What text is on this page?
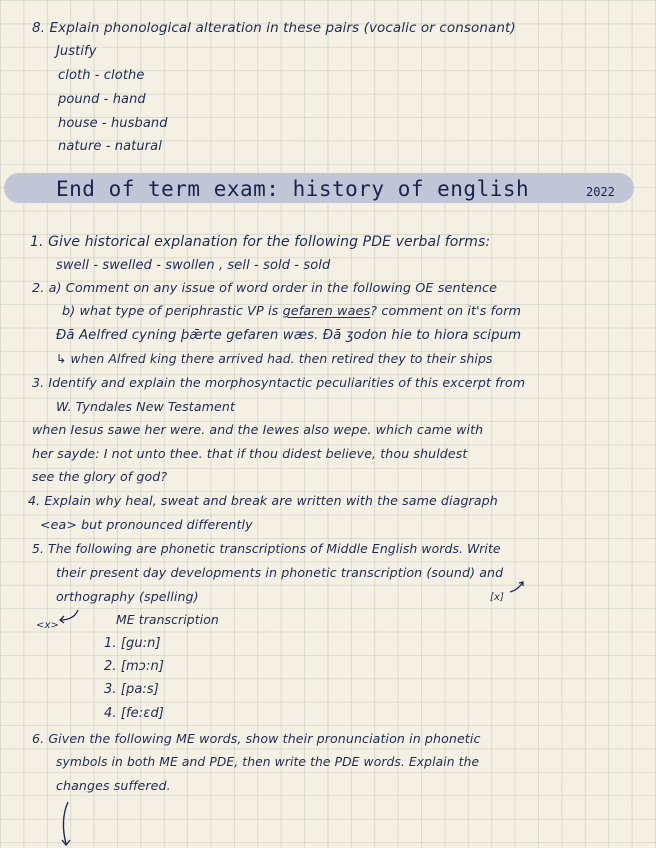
8. Explain phonological alteration in these pairs (vocalic or consonant)
Justify
cloth - clothe
pound - hand
house - husband
nature - natural
End of term exam: history of english	2022
1. Give historical explanation for the following PDE verbal forms:
swell - swelled - swollen , sell - sold - sold
2. a) Comment on any issue of word order in the following OE sentence
b) what type of periphrastic VP is gefaren waes? comment on it's form
Đā Aelfred cyning þǣrte gefaren wæs. Đā ʒodon hie to hiora scipum
↳ when Alfred king there arrived had. then retired they to their ships
3. Identify and explain the morphosyntactic peculiarities of this excerpt from
W. Tyndales New Testament
when Iesus sawe her were. and the Iewes also wepe. which came with
her sayde: I not unto thee. that if thou didest believe, thou shuldest
see the glory of god?
4. Explain why heal, sweat and break are written with the same diagraph
<ea> but pronounced differently
5. The following are phonetic transcriptions of Middle English words. Write
their present day developments in phonetic transcription (sound) and
orthography (spelling)	[x]
<x>	ME transcription
1. [gu:n]
2. [mɔ:n]
3. [pa:s]
4. [fe:ɛd]
6. Given the following ME words, show their pronunciation in phonetic
symbols in both ME and PDE, then write the PDE words. Explain the
changes suffered.
